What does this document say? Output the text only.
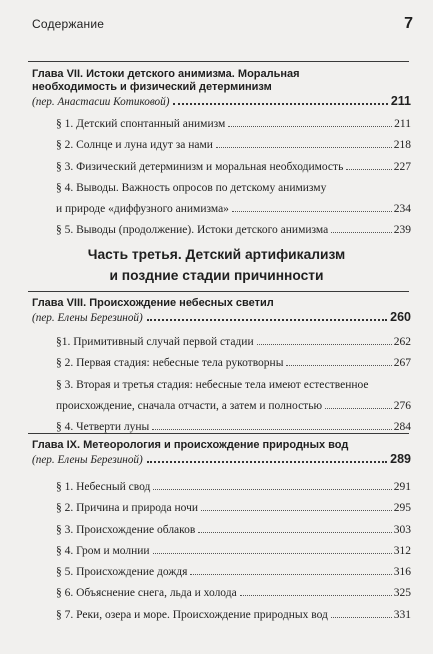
Содержание	7
Глава VII. Истоки детского анимизма. Моральная
необходимость и физический детерминизм
(пер. Анастасии Котиковой)	211
§ 1. Детский спонтанный анимизм	211
§ 2. Солнце и луна идут за нами	218
§ 3. Физический детерминизм и моральная необходимость	227
§ 4. Выводы. Важность опросов по детскому анимизму
и природе «диффузного анимизма»	234
§ 5. Выводы (продолжение). Истоки детского анимизма	239
Часть третья. Детский артификализм
и поздние стадии причинности
Глава VIII. Происхождение небесных светил
(пер. Елены Березиной)	260
§1. Примитивный случай первой стадии	262
§ 2. Первая стадия: небесные тела рукотворны	267
§ 3. Вторая и третья стадия: небесные тела имеют естественное
происхождение, сначала отчасти, а затем и полностью	276
§ 4. Четверти луны	284
Глава IX. Метеорология и происхождение природных вод
(пер. Елены Березиной)	289
§ 1. Небесный свод	291
§ 2. Причина и природа ночи	295
§ 3. Происхождение облаков	303
§ 4. Гром и молнии	312
§ 5. Происхождение дождя	316
§ 6. Объяснение снега, льда и холода	325
§ 7. Реки, озера и море. Происхождение природных вод	331
